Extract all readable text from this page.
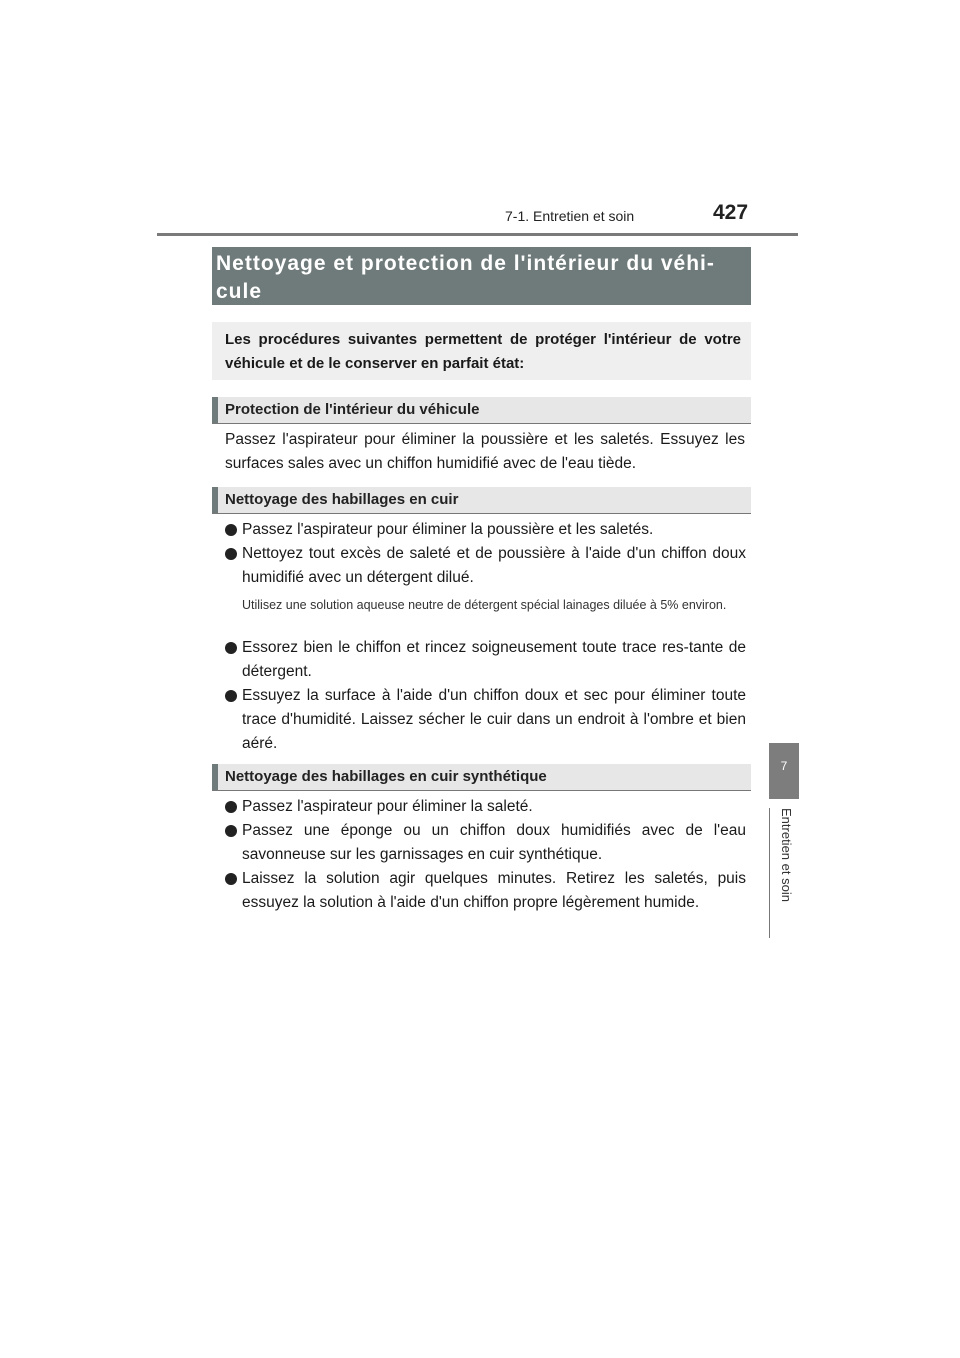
7-1. Entretien et soin	427
7
Entretien et soin
Nettoyage et protection de l'intérieur du véhi-cule
Les procédures suivantes permettent de protéger l'intérieur de votre véhicule et de le conserver en parfait état:
Protection de l'intérieur du véhicule
Passez l'aspirateur pour éliminer la poussière et les saletés. Essuyez les surfaces sales avec un chiffon humidifié avec de l'eau tiède.
Nettoyage des habillages en cuir
Passez l'aspirateur pour éliminer la poussière et les saletés.
Nettoyez tout excès de saleté et de poussière à l'aide d'un chiffon doux humidifié avec un détergent dilué.
Utilisez une solution aqueuse neutre de détergent spécial lainages diluée à 5% environ.
Essorez bien le chiffon et rincez soigneusement toute trace res-tante de détergent.
Essuyez la surface à l'aide d'un chiffon doux et sec pour éliminer toute trace d'humidité. Laissez sécher le cuir dans un endroit à l'ombre et bien aéré.
Nettoyage des habillages en cuir synthétique
Passez l'aspirateur pour éliminer la saleté.
Passez une éponge ou un chiffon doux humidifiés avec de l'eau savonneuse sur les garnissages en cuir synthétique.
Laissez la solution agir quelques minutes. Retirez les saletés, puis essuyez la solution à l'aide d'un chiffon propre légèrement humide.
